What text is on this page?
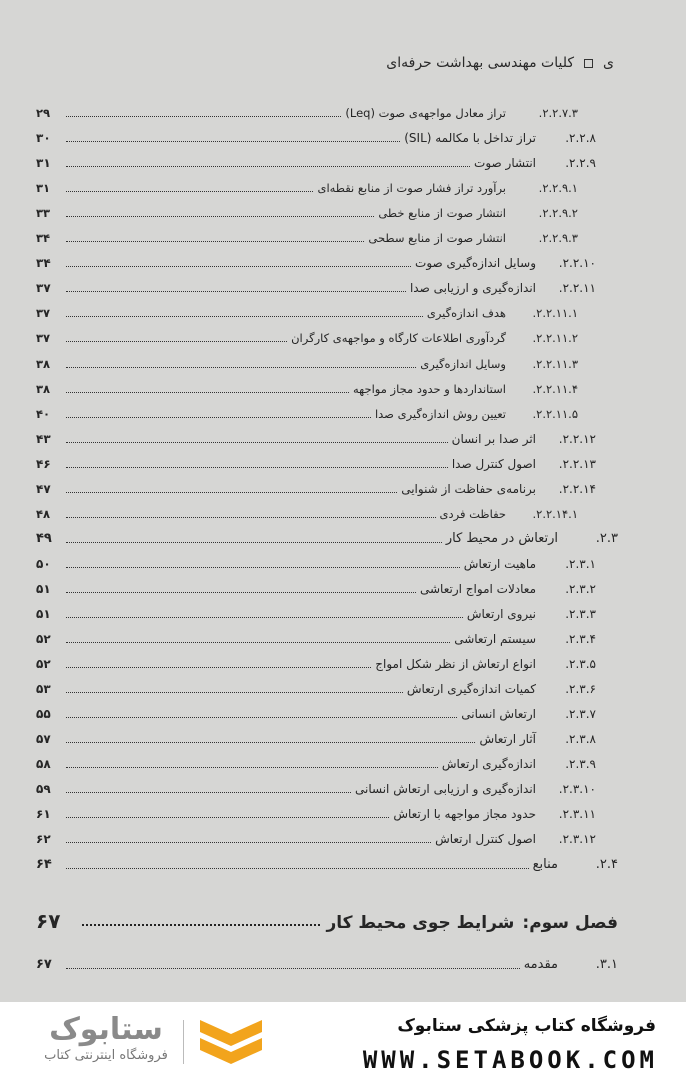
ی
کلیات مهندسی بهداشت حرفه‌ای
۲.۲.۷.۳.
تراز معادل مواجهه‌ی صوت (Leq)
۲۹
۲.۲.۸.
تراز تداخل با مکالمه (SIL)
۳۰
۲.۲.۹.
انتشار صوت
۳۱
۲.۲.۹.۱.
برآورد تراز فشار صوت از منابع نقطه‌ای
۳۱
۲.۲.۹.۲.
انتشار صوت از منابع خطی
۳۳
۲.۲.۹.۳.
انتشار صوت از منابع سطحی
۳۴
۲.۲.۱۰.
وسایل اندازه‌گیری صوت
۳۴
۲.۲.۱۱.
اندازه‌گیری و ارزیابی صدا
۳۷
۲.۲.۱۱.۱.
هدف اندازه‌گیری
۳۷
۲.۲.۱۱.۲.
گردآوری اطلاعات کارگاه و مواجهه‌ی کارگران
۳۷
۲.۲.۱۱.۳.
وسایل اندازه‌گیری
۳۸
۲.۲.۱۱.۴.
استانداردها و حدود مجاز مواجهه
۳۸
۲.۲.۱۱.۵.
تعیین روش اندازه‌گیری صدا
۴۰
۲.۲.۱۲.
اثر صدا بر انسان
۴۳
۲.۲.۱۳.
اصول کنترل صدا
۴۶
۲.۲.۱۴.
برنامه‌ی حفاظت از شنوایی
۴۷
۲.۲.۱۴.۱.
حفاظت فردی
۴۸
۲.۳.
ارتعاش در محیط کار
۴۹
۲.۳.۱.
ماهیت ارتعاش
۵۰
۲.۳.۲.
معادلات امواج ارتعاشی
۵۱
۲.۳.۳.
نیروی ارتعاش
۵۱
۲.۳.۴.
سیستم ارتعاشی
۵۲
۲.۳.۵.
انواع ارتعاش از نظر شکل امواج
۵۲
۲.۳.۶.
کمیات اندازه‌گیری ارتعاش
۵۳
۲.۳.۷.
ارتعاش انسانی
۵۵
۲.۳.۸.
آثار ارتعاش
۵۷
۲.۳.۹.
اندازه‌گیری ارتعاش
۵۸
۲.۳.۱۰.
اندازه‌گیری و ارزیابی ارتعاش انسانی
۵۹
۲.۳.۱۱.
حدود مجاز مواجهه با ارتعاش
۶۱
۲.۳.۱۲.
اصول کنترل ارتعاش
۶۲
۲.۴.
منابع
۶۴
۳.۱.
مقدمه
۶۷
فصل سوم:
شرایط جوی محیط کار
۶۷
ستابوک
فروشگاه اینترنتی کتاب
فروشگاه کتاب پزشکی ستابوک
WWW.SETABOOK.COM
